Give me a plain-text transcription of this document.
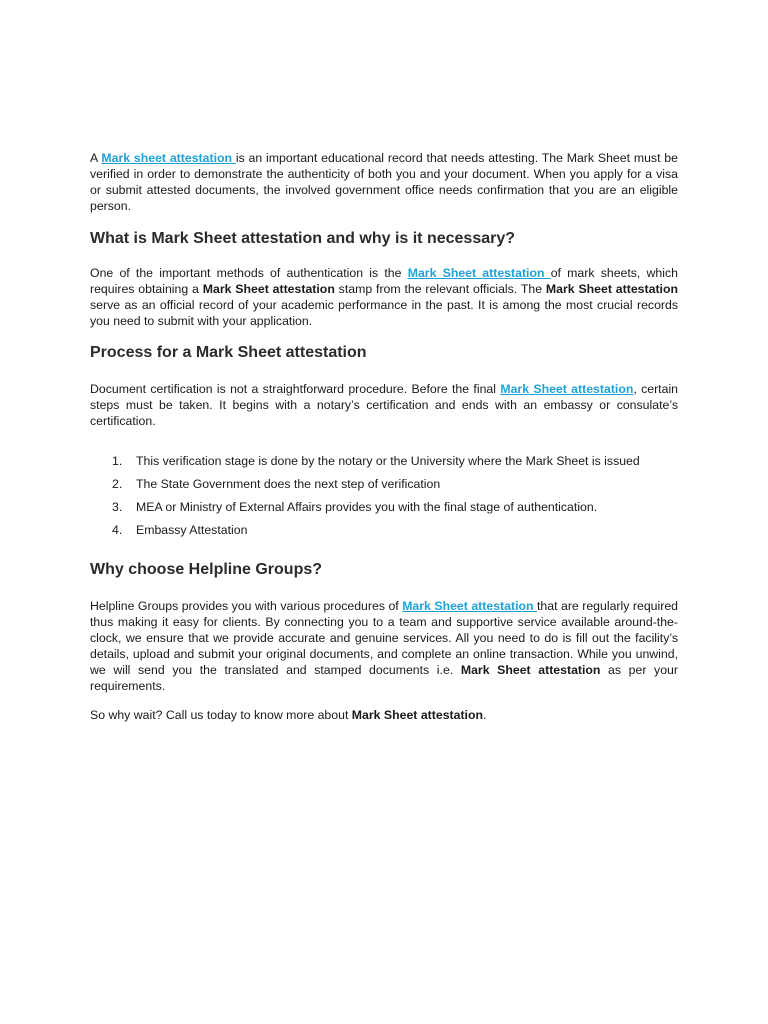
A Mark sheet attestation is an important educational record that needs attesting. The Mark Sheet must be verified in order to demonstrate the authenticity of both you and your document. When you apply for a visa or submit attested documents, the involved government office needs confirmation that you are an eligible person.

What is Mark Sheet attestation and why is it necessary?

One of the important methods of authentication is the Mark Sheet attestation of mark sheets, which requires obtaining a Mark Sheet attestation stamp from the relevant officials. The Mark Sheet attestation serve as an official record of your academic performance in the past. It is among the most crucial records you need to submit with your application.

Process for a Mark Sheet attestation

Document certification is not a straightforward procedure. Before the final Mark Sheet attestation, certain steps must be taken. It begins with a notary’s certification and ends with an embassy or consulate’s certification.

1. This verification stage is done by the notary or the University where the Mark Sheet is issued
2. The State Government does the next step of verification
3. MEA or Ministry of External Affairs provides you with the final stage of authentication.
4. Embassy Attestation
Why choose Helpline Groups?

Helpline Groups provides you with various procedures of Mark Sheet attestation that are regularly required thus making it easy for clients. By connecting you to a team and supportive service available around-the-clock, we ensure that we provide accurate and genuine services. All you need to do is fill out the facility’s details, upload and submit your original documents, and complete an online transaction. While you unwind, we will send you the translated and stamped documents i.e. Mark Sheet attestation as per your requirements.

So why wait? Call us today to know more about Mark Sheet attestation.
